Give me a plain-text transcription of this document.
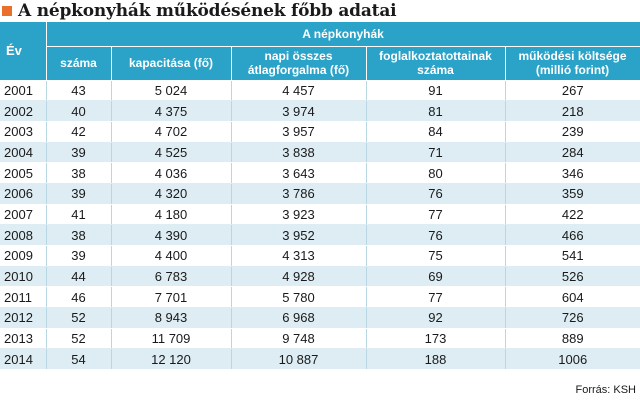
A népkonyhák működésének főbb adatai
Év	A népkonyhák				
	száma	kapacitása (fő)	napi összes átlagforgalma (fő)	foglalkoztatottainak száma	működési költsége (millió forint)
2001	43	5 024	4 457	91	267
2002	40	4 375	3 974	81	218
2003	42	4 702	3 957	84	239
2004	39	4 525	3 838	71	284
2005	38	4 036	3 643	80	346
2006	39	4 320	3 786	76	359
2007	41	4 180	3 923	77	422
2008	38	4 390	3 952	76	466
2009	39	4 400	4 313	75	541
2010	44	6 783	4 928	69	526
2011	46	7 701	5 780	77	604
2012	52	8 943	6 968	92	726
2013	52	11 709	9 748	173	889
2014	54	12 120	10 887	188	1006
Forrás: KSH
